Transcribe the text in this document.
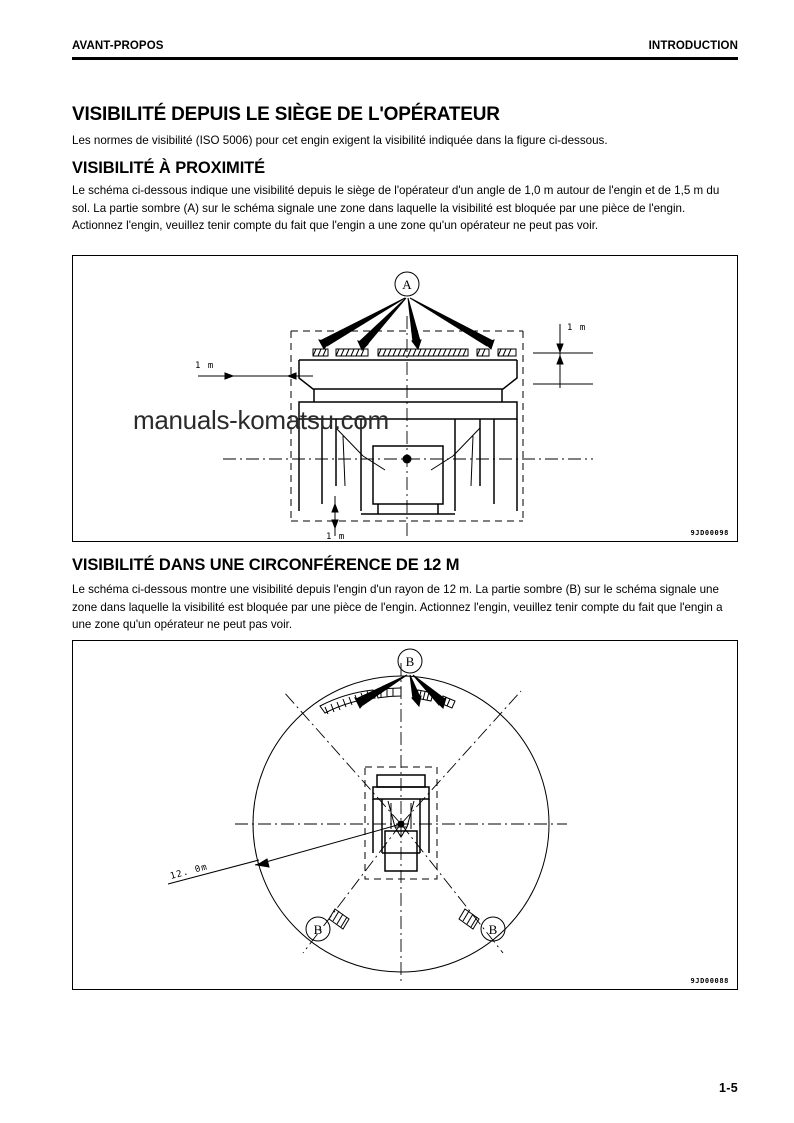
AVANT-PROPOS	INTRODUCTION
VISIBILITÉ DEPUIS LE SIÈGE DE L'OPÉRATEUR
Les normes de visibilité (ISO 5006) pour cet engin exigent la visibilité indiquée dans la figure ci-dessous.
VISIBILITÉ À PROXIMITÉ
Le schéma ci-dessous indique une visibilité depuis le siège de l'opérateur d'un angle de 1,0 m autour de l'engin et de 1,5 m du sol. La partie sombre (A) sur le schéma signale une zone dans laquelle la visibilité est bloquée par une pièce de l'engin. Actionnez l'engin, veuillez tenir compte du fait que l'engin a une zone qu'un opérateur ne peut pas voir.
A
1 m
1 m
1 m	9JD00098
manuals-komatsu.com
VISIBILITÉ DANS UNE CIRCONFÉRENCE DE 12 M
Le schéma ci-dessous montre une visibilité depuis l'engin d'un rayon de 12 m. La partie sombre (B) sur le schéma signale une zone dans laquelle la visibilité est bloquée par une pièce de l'engin. Actionnez l'engin, veuillez tenir compte du fait que l'engin a une zone qu'un opérateur ne peut pas voir.
B
B	B
12. 0m
9JD00088
1-5
